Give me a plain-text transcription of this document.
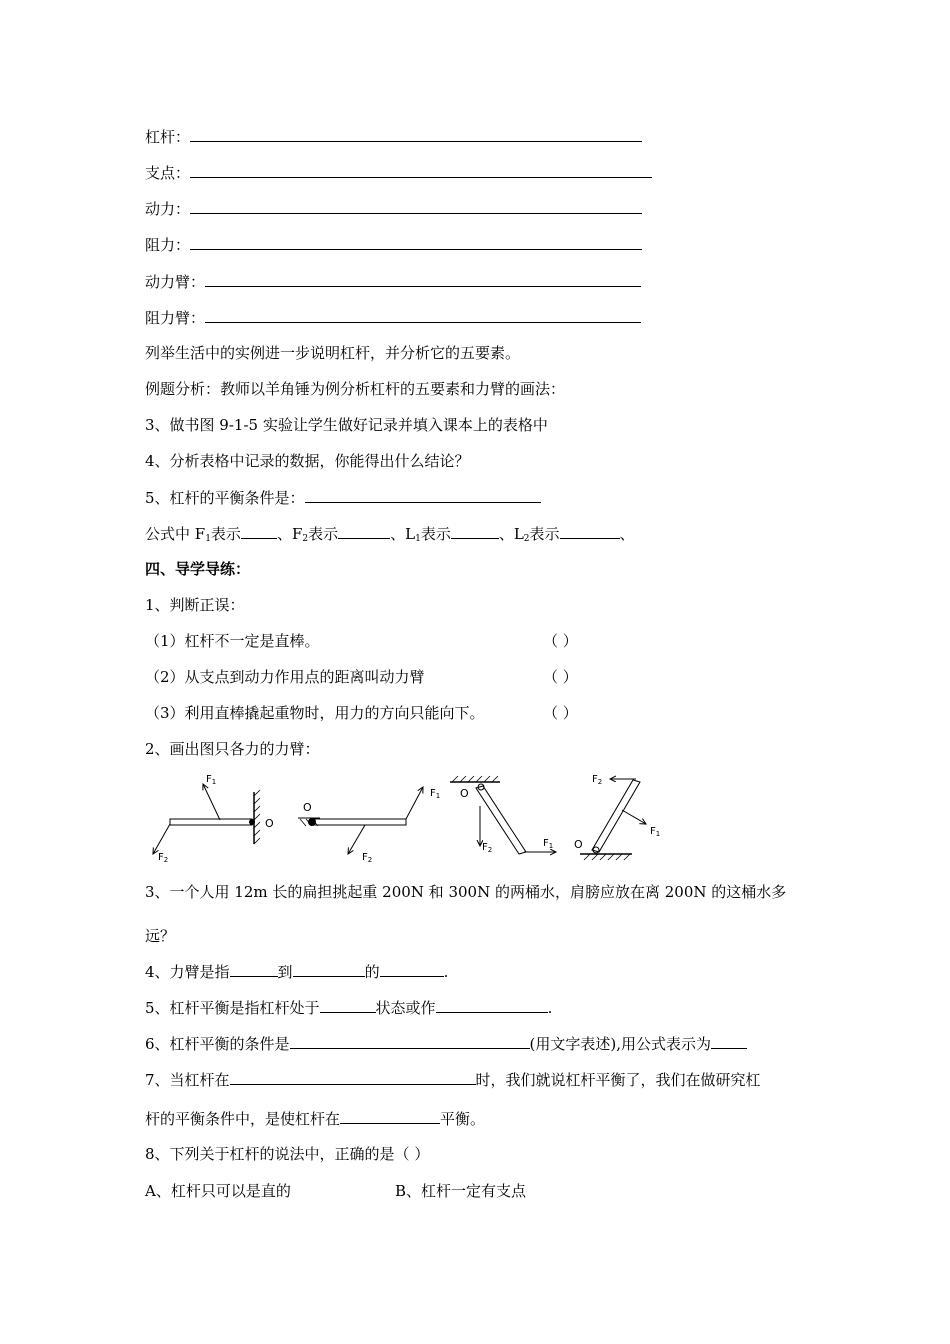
杠杆：
支点：
动力：
阻力：
动力臂：
阻力臂：
列举生活中的实例进一步说明杠杆，并分析它的五要素。
例题分析：教师以羊角锤为例分析杠杆的五要素和力臂的画法：
3、做书图 9-1-5 实验让学生做好记录并填入课本上的表格中
4、分析表格中记录的数据，你能得出什么结论？
5、杠杆的平衡条件是：
公式中 $F_1$表示 、$F_2$表示	、$L_1$表示	、$L_2$表示	、
四、导学导练：
1、判断正误：
（1）杠杆不一定是直棒。	（ ）
（2）从支点到动力作用点的距离叫动力臂	（ ）
（3）利用直棒撬起重物时，用力的方向只能向下。	（ ）
2、画出图只各力的力臂：
$F_1$
$F_2$
O
O
$F_1$
$F_2$
O
$F_2$
$F_1$ O
$F_2$
$F_1$
3、一个人用 12m 长的扁担挑起重 200N 和 300N 的两桶水，肩膀应放在离 200N 的这桶水多
远？
4、力臂是指	到	的	.
5、杠杆平衡是指杠杆处于	状态或作	.
6、杠杆平衡的条件是	(用文字表述),用公式表示为
7、当杠杆在	时，我们就说杠杆平衡了，我们在做研究杠
杆的平衡条件中，是使杠杆在	平衡。
8、下列关于杠杆的说法中，正确的是（ ）
A、杠杆只可以是直的	B、杠杆一定有支点
